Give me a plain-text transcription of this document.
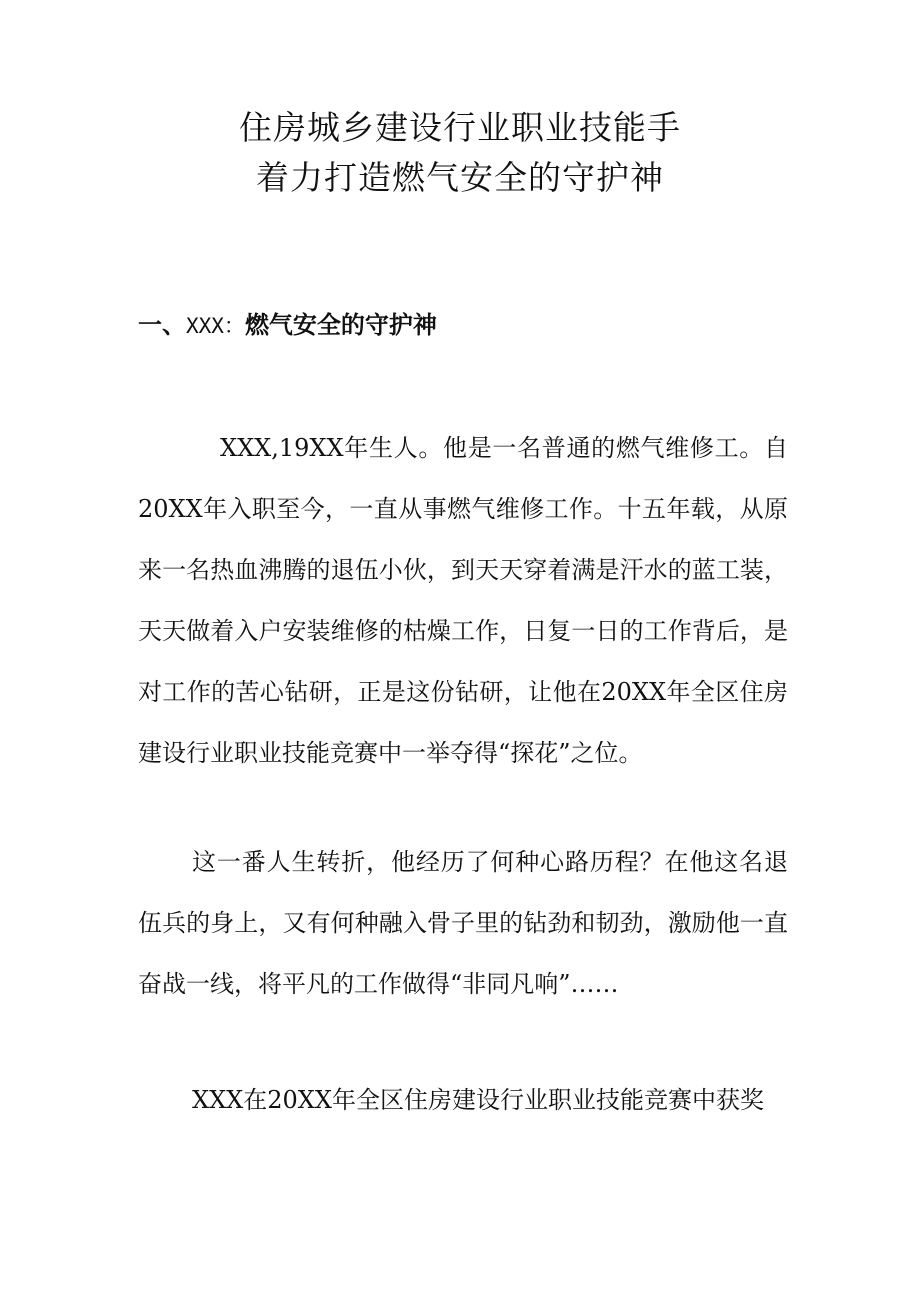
住房城乡建设行业职业技能手
着力打造燃气安全的守护神
一、XXX：燃气安全的守护神

XXX,19XX年生人。他是一名普通的燃气维修工。自20XX年入职至今，一直从事燃气维修工作。十五年载，从原来一名热血沸腾的退伍小伙，到天天穿着满是汗水的蓝工装，天天做着入户安装维修的枯燥工作，日复一日的工作背后，是对工作的苦心钻研，正是这份钻研，让他在20XX年全区住房建设行业职业技能竞赛中一举夺得“探花”之位。

这一番人生转折，他经历了何种心路历程？在他这名退伍兵的身上，又有何种融入骨子里的钻劲和韧劲，激励他一直奋战一线，将平凡的工作做得“非同凡响”……

XXX在20XX年全区住房建设行业职业技能竞赛中获奖
